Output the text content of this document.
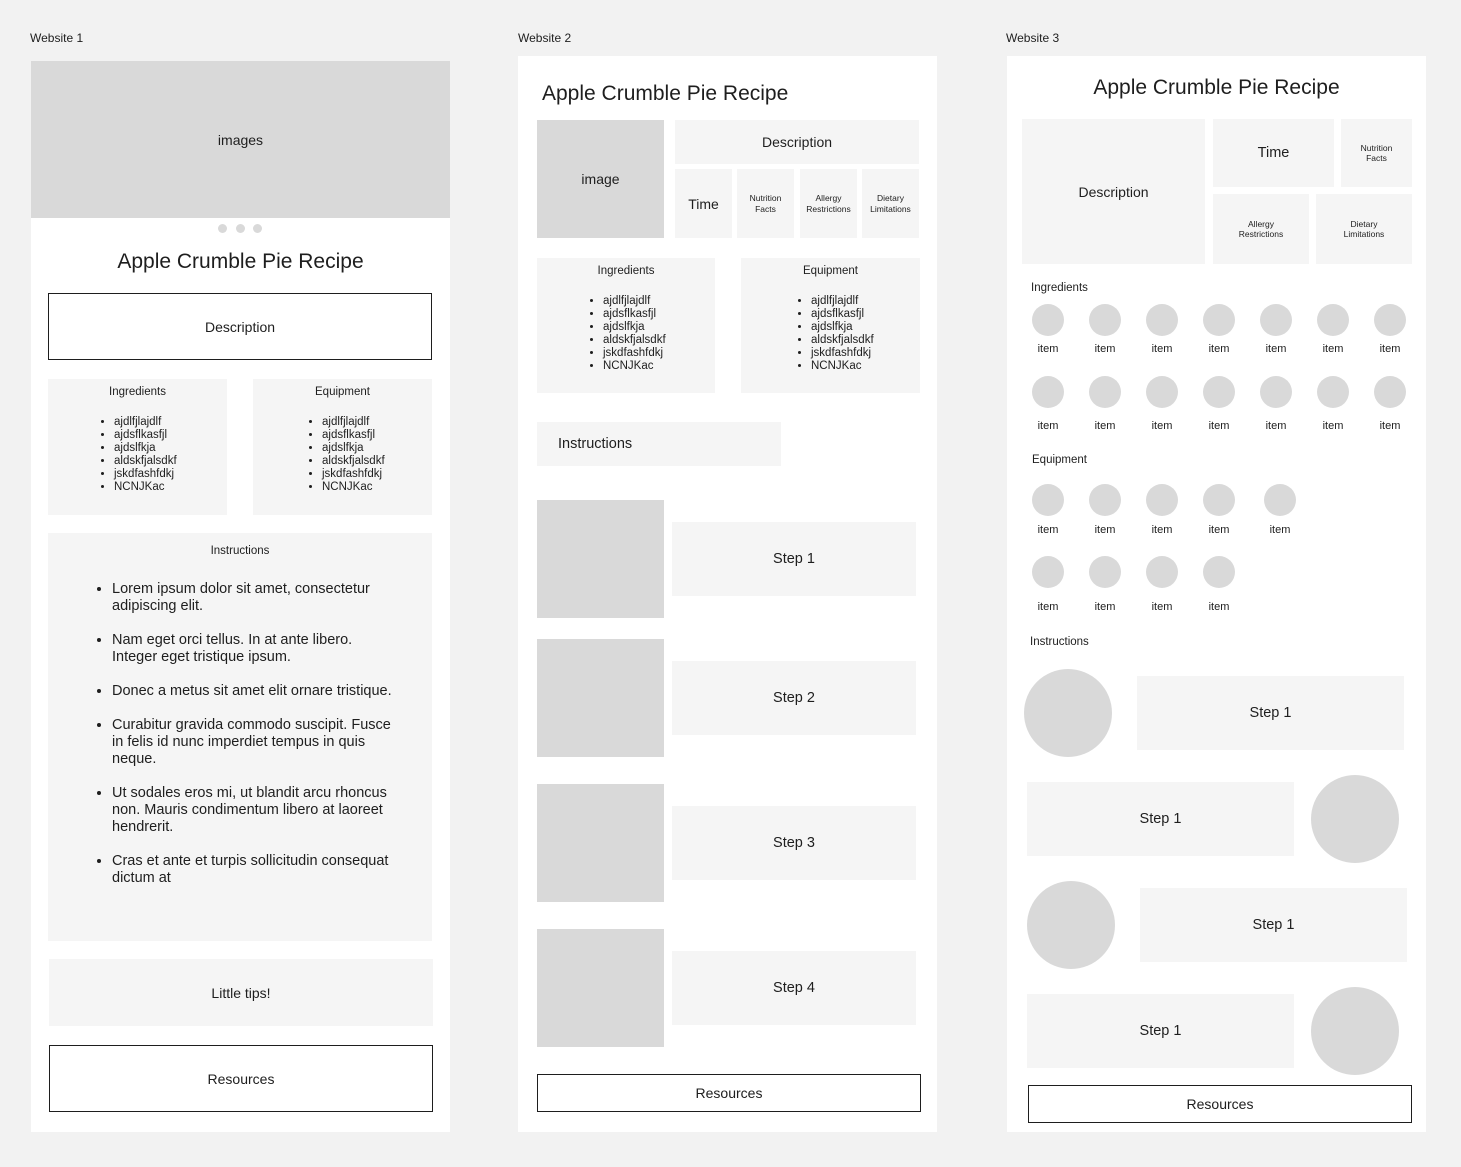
Website 1
images
Apple Crumble Pie Recipe
Description
Ingredients
• ajdlfjlajdlf
• ajdsflkasfjl
• ajdslfkja
• aldskfjalsdkf
• jskdfashfdkj
• NCNJKac
Equipment
• ajdlfjlajdlf
• ajdsflkasfjl
• ajdslfkja
• aldskfjalsdkf
• jskdfashfdkj
• NCNJKac
Instructions
• Lorem ipsum dolor sit amet, consectetur adipiscing elit.
• Nam eget orci tellus. In at ante libero. Integer eget tristique ipsum.
• Donec a metus sit amet elit ornare tristique.
• Curabitur gravida commodo suscipit. Fusce in felis id nunc imperdiet tempus in quis neque.
• Ut sodales eros mi, ut blandit arcu rhoncus non. Mauris condimentum libero at laoreet hendrerit.
• Cras et ante et turpis sollicitudin consequat dictum at
Little tips!
Resources
Website 2
Apple Crumble Pie Recipe
image
Description
Time	Nutrition Facts
Allergy Restrictions
Dietary Limitations
Ingredients
• ajdlfjlajdlf
• ajdsflkasfjl
• ajdslfkja
• aldskfjalsdkf
• jskdfashfdkj
• NCNJKac
Equipment
• ajdlfjlajdlf
• ajdsflkasfjl
• ajdslfkja
• aldskfjalsdkf
• jskdfashfdkj
• NCNJKac
Instructions
Step 1
Step 2
Step 3
Step 4
Resources
Website 3
Apple Crumble Pie Recipe
Description
Time	Nutrition Facts
Allergy Restrictions
Dietary Limitations
Ingredients
Equipment
Instructions
item	item	item	item	item	item	item
item	item	item	item	item	item	item
item	item	item	item	item
item	item	item	item
Step 1
Step 1
Step 1
Step 1
Resources
